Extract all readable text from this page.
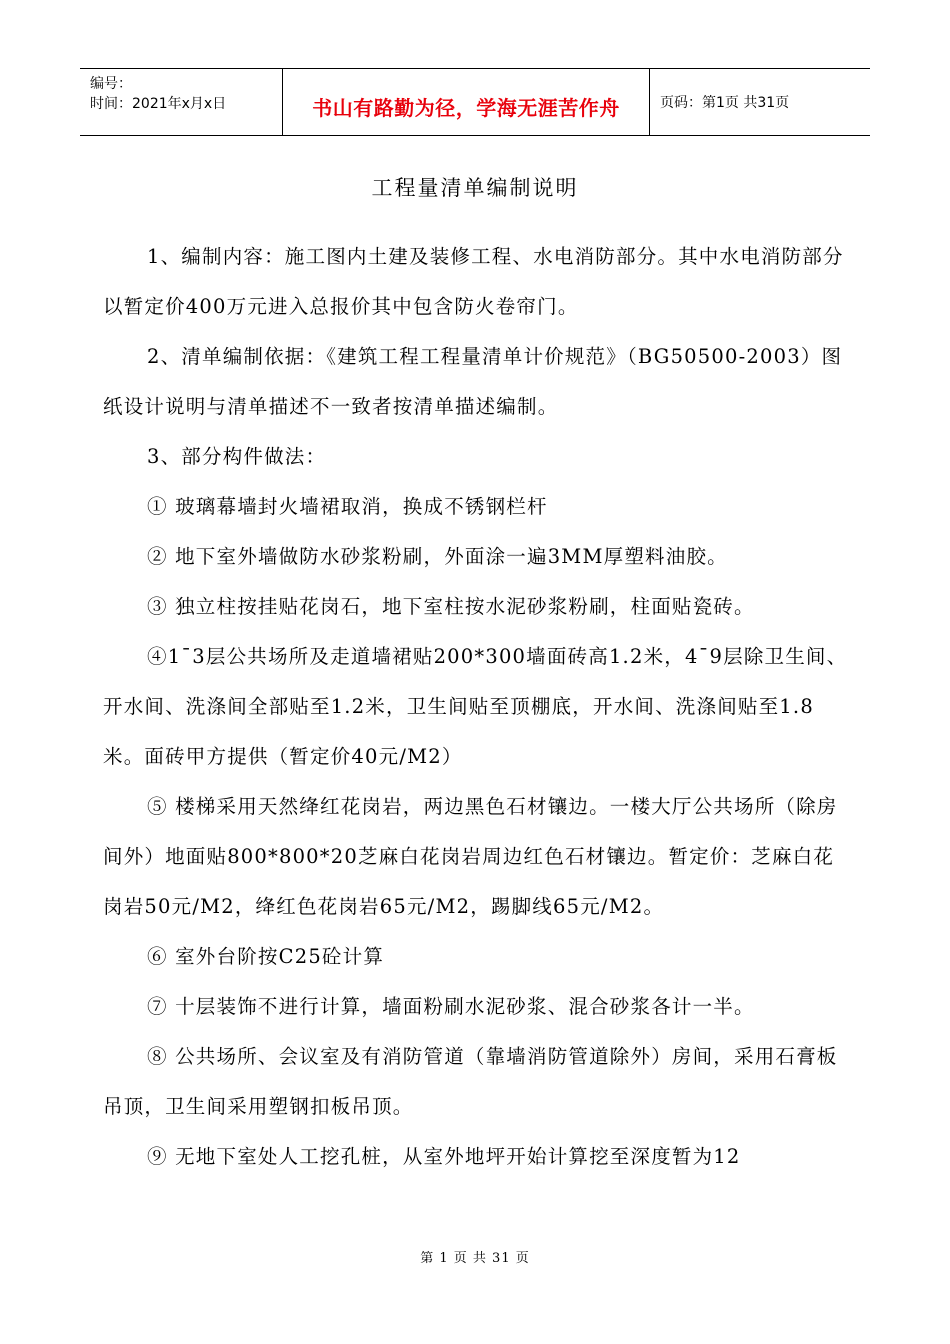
编号：
时间：2021年x月x日	书山有路勤为径，学海无涯苦作舟	页码：第1页 共31页
工程量清单编制说明

1、编制内容：施工图内土建及装修工程、水电消防部分。其中水电消防部分以暂定价400万元进入总报价其中包含防火卷帘门。

2、清单编制依据：《建筑工程工程量清单计价规范》（BG50500-2003）图纸设计说明与清单描述不一致者按清单描述编制。

3、部分构件做法：

① 玻璃幕墙封火墙裙取消，换成不锈钢栏杆

② 地下室外墙做防水砂浆粉刷，外面涂一遍3MM厚塑料油胶。

③ 独立柱按挂贴花岗石，地下室柱按水泥砂浆粉刷，柱面贴瓷砖。

④1¯3层公共场所及走道墙裙贴200*300墙面砖高1.2米，4¯9层除卫生间、开水间、洗涤间全部贴至1.2米，卫生间贴至顶棚底，开水间、洗涤间贴至1.8米。面砖甲方提供（暂定价40元/M2）

⑤ 楼梯采用天然绛红花岗岩，两边黑色石材镶边。一楼大厅公共场所（除房间外）地面贴800*800*20芝麻白花岗岩周边红色石材镶边。暂定价：芝麻白花岗岩50元/M2，绛红色花岗岩65元/M2，踢脚线65元/M2。

⑥ 室外台阶按C25砼计算

⑦ 十层装饰不进行计算，墙面粉刷水泥砂浆、混合砂浆各计一半。

⑧ 公共场所、会议室及有消防管道（靠墙消防管道除外）房间，采用石膏板吊顶，卫生间采用塑钢扣板吊顶。

⑨ 无地下室处人工挖孔桩，从室外地坪开始计算挖至深度暂为12

第 1 页 共 31 页
